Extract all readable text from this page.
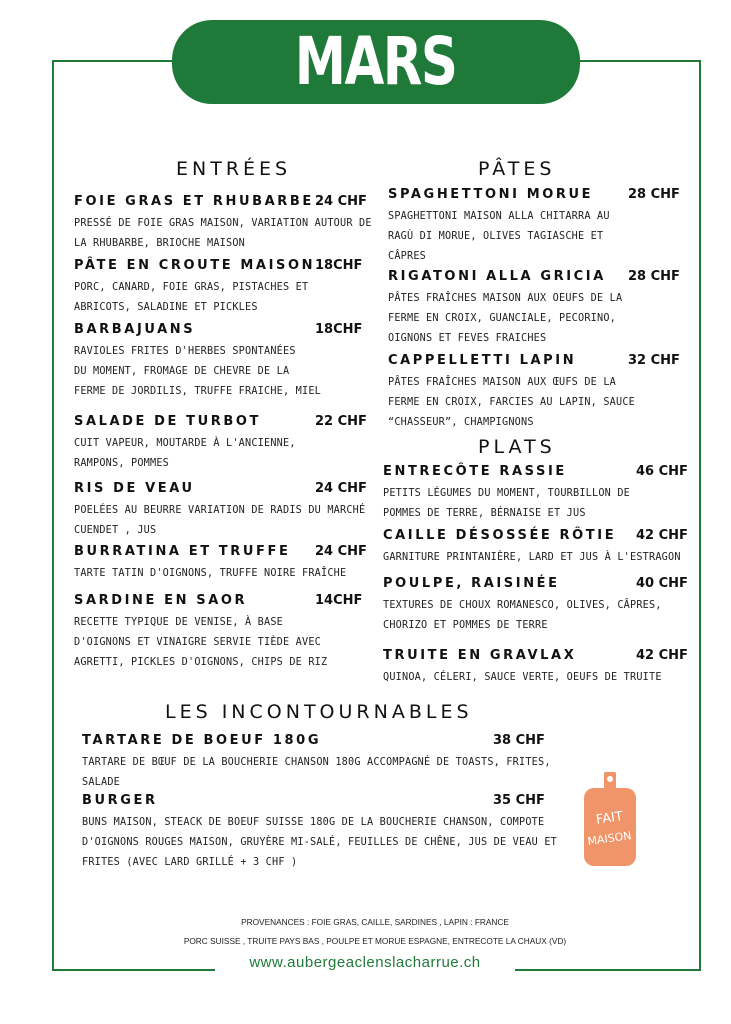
MARS
ENTRÉES	PÂTES
PLATS
LES INCONTOURNABLES
FOIE GRAS ET RHUBARBE 24 CHF
PRESSÉ DE FOIE GRAS MAISON, VARIATION AUTOUR DE
LA RHUBARBE, BRIOCHE MAISON
PÂTE EN CROUTE MAISON 18CHF
PORC, CANARD, FOIE GRAS, PISTACHES ET
ABRICOTS, SALADINE ET PICKLES
BARBAJUANS	18CHF
RAVIOLES FRITES D'HERBES SPONTANÉES
DU MOMENT, FROMAGE DE CHEVRE DE LA
FERME DE JORDILIS, TRUFFE FRAICHE, MIEL
SALADE DE TURBOT	22 CHF
CUIT VAPEUR, MOUTARDE À L'ANCIENNE,
RAMPONS, POMMES
RIS DE VEAU	24 CHF
POELÉES AU BEURRE VARIATION DE RADIS DU MARCHÉ
CUENDET , JUS
BURRATINA ET TRUFFE 24 CHF
TARTE TATIN D'OIGNONS, TRUFFE NOIRE FRAÎCHE
SARDINE EN SAOR	14CHF
RECETTE TYPIQUE DE VENISE, À BASE
D'OIGNONS ET VINAIGRE SERVIE TIÈDE AVEC
AGRETTI, PICKLES D'OIGNONS, CHIPS DE RIZ
SPAGHETTONI MORUE	28 CHF
SPAGHETTONI MAISON ALLA CHITARRA AU
RAGÙ DI MORUE, OLIVES TAGIASCHE ET
CÂPRES
RIGATONI ALLA GRICIA 28 CHF
PÂTES FRAÎCHES MAISON AUX OEUFS DE LA
FERME EN CROIX, GUANCIALE, PECORINO,
OIGNONS ET FEVES FRAICHES
CAPPELLETTI LAPIN	32 CHF
PÂTES FRAÎCHES MAISON AUX ŒUFS DE LA
FERME EN CROIX, FARCIES AU LAPIN, SAUCE
“CHASSEUR”, CHAMPIGNONS
ENTRECÔTE RASSIE	46 CHF
PETITS LÉGUMES DU MOMENT, TOURBILLON DE
POMMES DE TERRE, BÉRNAISE ET JUS
CAILLE DÉSOSSÉE RÔTIE 42 CHF
GARNITURE PRINTANIÈRE, LARD ET JUS À L'ESTRAGON
POULPE, RAISINÉE	40 CHF
TEXTURES DE CHOUX ROMANESCO, OLIVES, CÂPRES,
CHORIZO ET POMMES DE TERRE
TRUITE EN GRAVLAX	42 CHF
QUINOA, CÉLERI, SAUCE VERTE, OEUFS DE TRUITE
TARTARE DE BOEUF 180G	38 CHF
TARTARE DE BŒUF DE LA BOUCHERIE CHANSON 180G ACCOMPAGNÉ DE TOASTS, FRITES,
SALADE
BURGER	35 CHF
BUNS MAISON, STEACK DE BOEUF SUISSE 180G DE LA BOUCHERIE CHANSON, COMPOTE
D'OIGNONS ROUGES MAISON, GRUYÈRE MI-SALÉ, FEUILLES DE CHÊNE, JUS DE VEAU ET
FRITES (AVEC LARD GRILLÉ + 3 CHF )
FAIT
MAISON
PROVENANCES : FOIE GRAS, CAILLE, SARDINES , LAPIN : FRANCE
PORC SUISSE , TRUITE PAYS BAS , POULPE ET MORUE ESPAGNE, ENTRECOTE LA CHAUX (VD)
www.aubergeaclenslacharrue.ch
